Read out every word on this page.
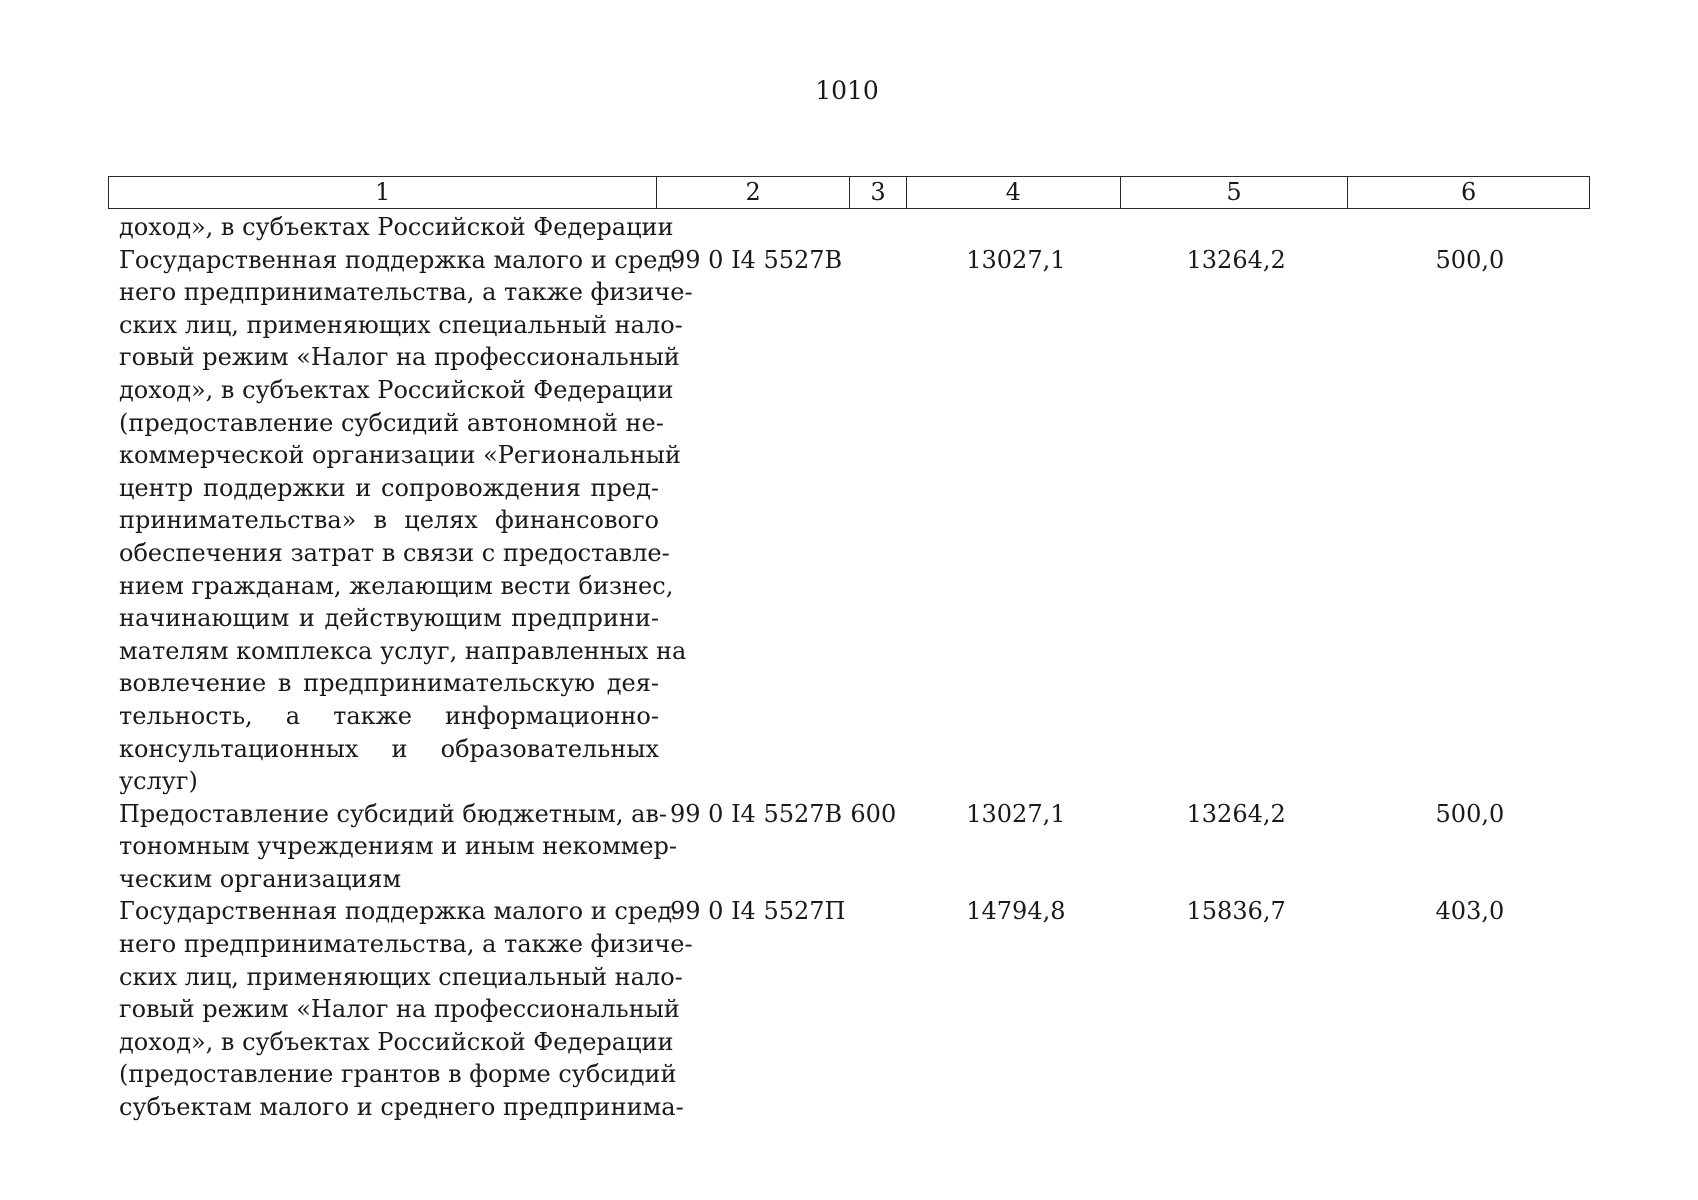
1010
1	2	3	4	5	6
доход», в субъектах Российской Федерации
Государственная поддержка малого и сред-
него предпринимательства, а также физиче-
ских лиц, применяющих специальный нало-
говый режим «Налог на профессиональный
доход», в субъектах Российской Федерации
(предоставление субсидий автономной не-
коммерческой организации «Региональный
центр поддержки и сопровождения пред-
принимательства» в целях финансового
обеспечения затрат в связи с предоставле-
нием гражданам, желающим вести бизнес,
начинающим и действующим предприни-
мателям комплекса услуг, направленных на
вовлечение в предпринимательскую дея-
тельность, а также информационно-
консультационных и образовательных
услуг)
99 0 I4 5527В	13027,1	13264,2	500,0
Предоставление субсидий бюджетным, ав-
тономным учреждениям и иным некоммер-
ческим организациям
99 0 I4 5527В 600	13027,1	13264,2	500,0
Государственная поддержка малого и сред-
него предпринимательства, а также физиче-
ских лиц, применяющих специальный нало-
говый режим «Налог на профессиональный
доход», в субъектах Российской Федерации
(предоставление грантов в форме субсидий
субъектам малого и среднего предпринима-
99 0 I4 5527П	14794,8	15836,7	403,0
